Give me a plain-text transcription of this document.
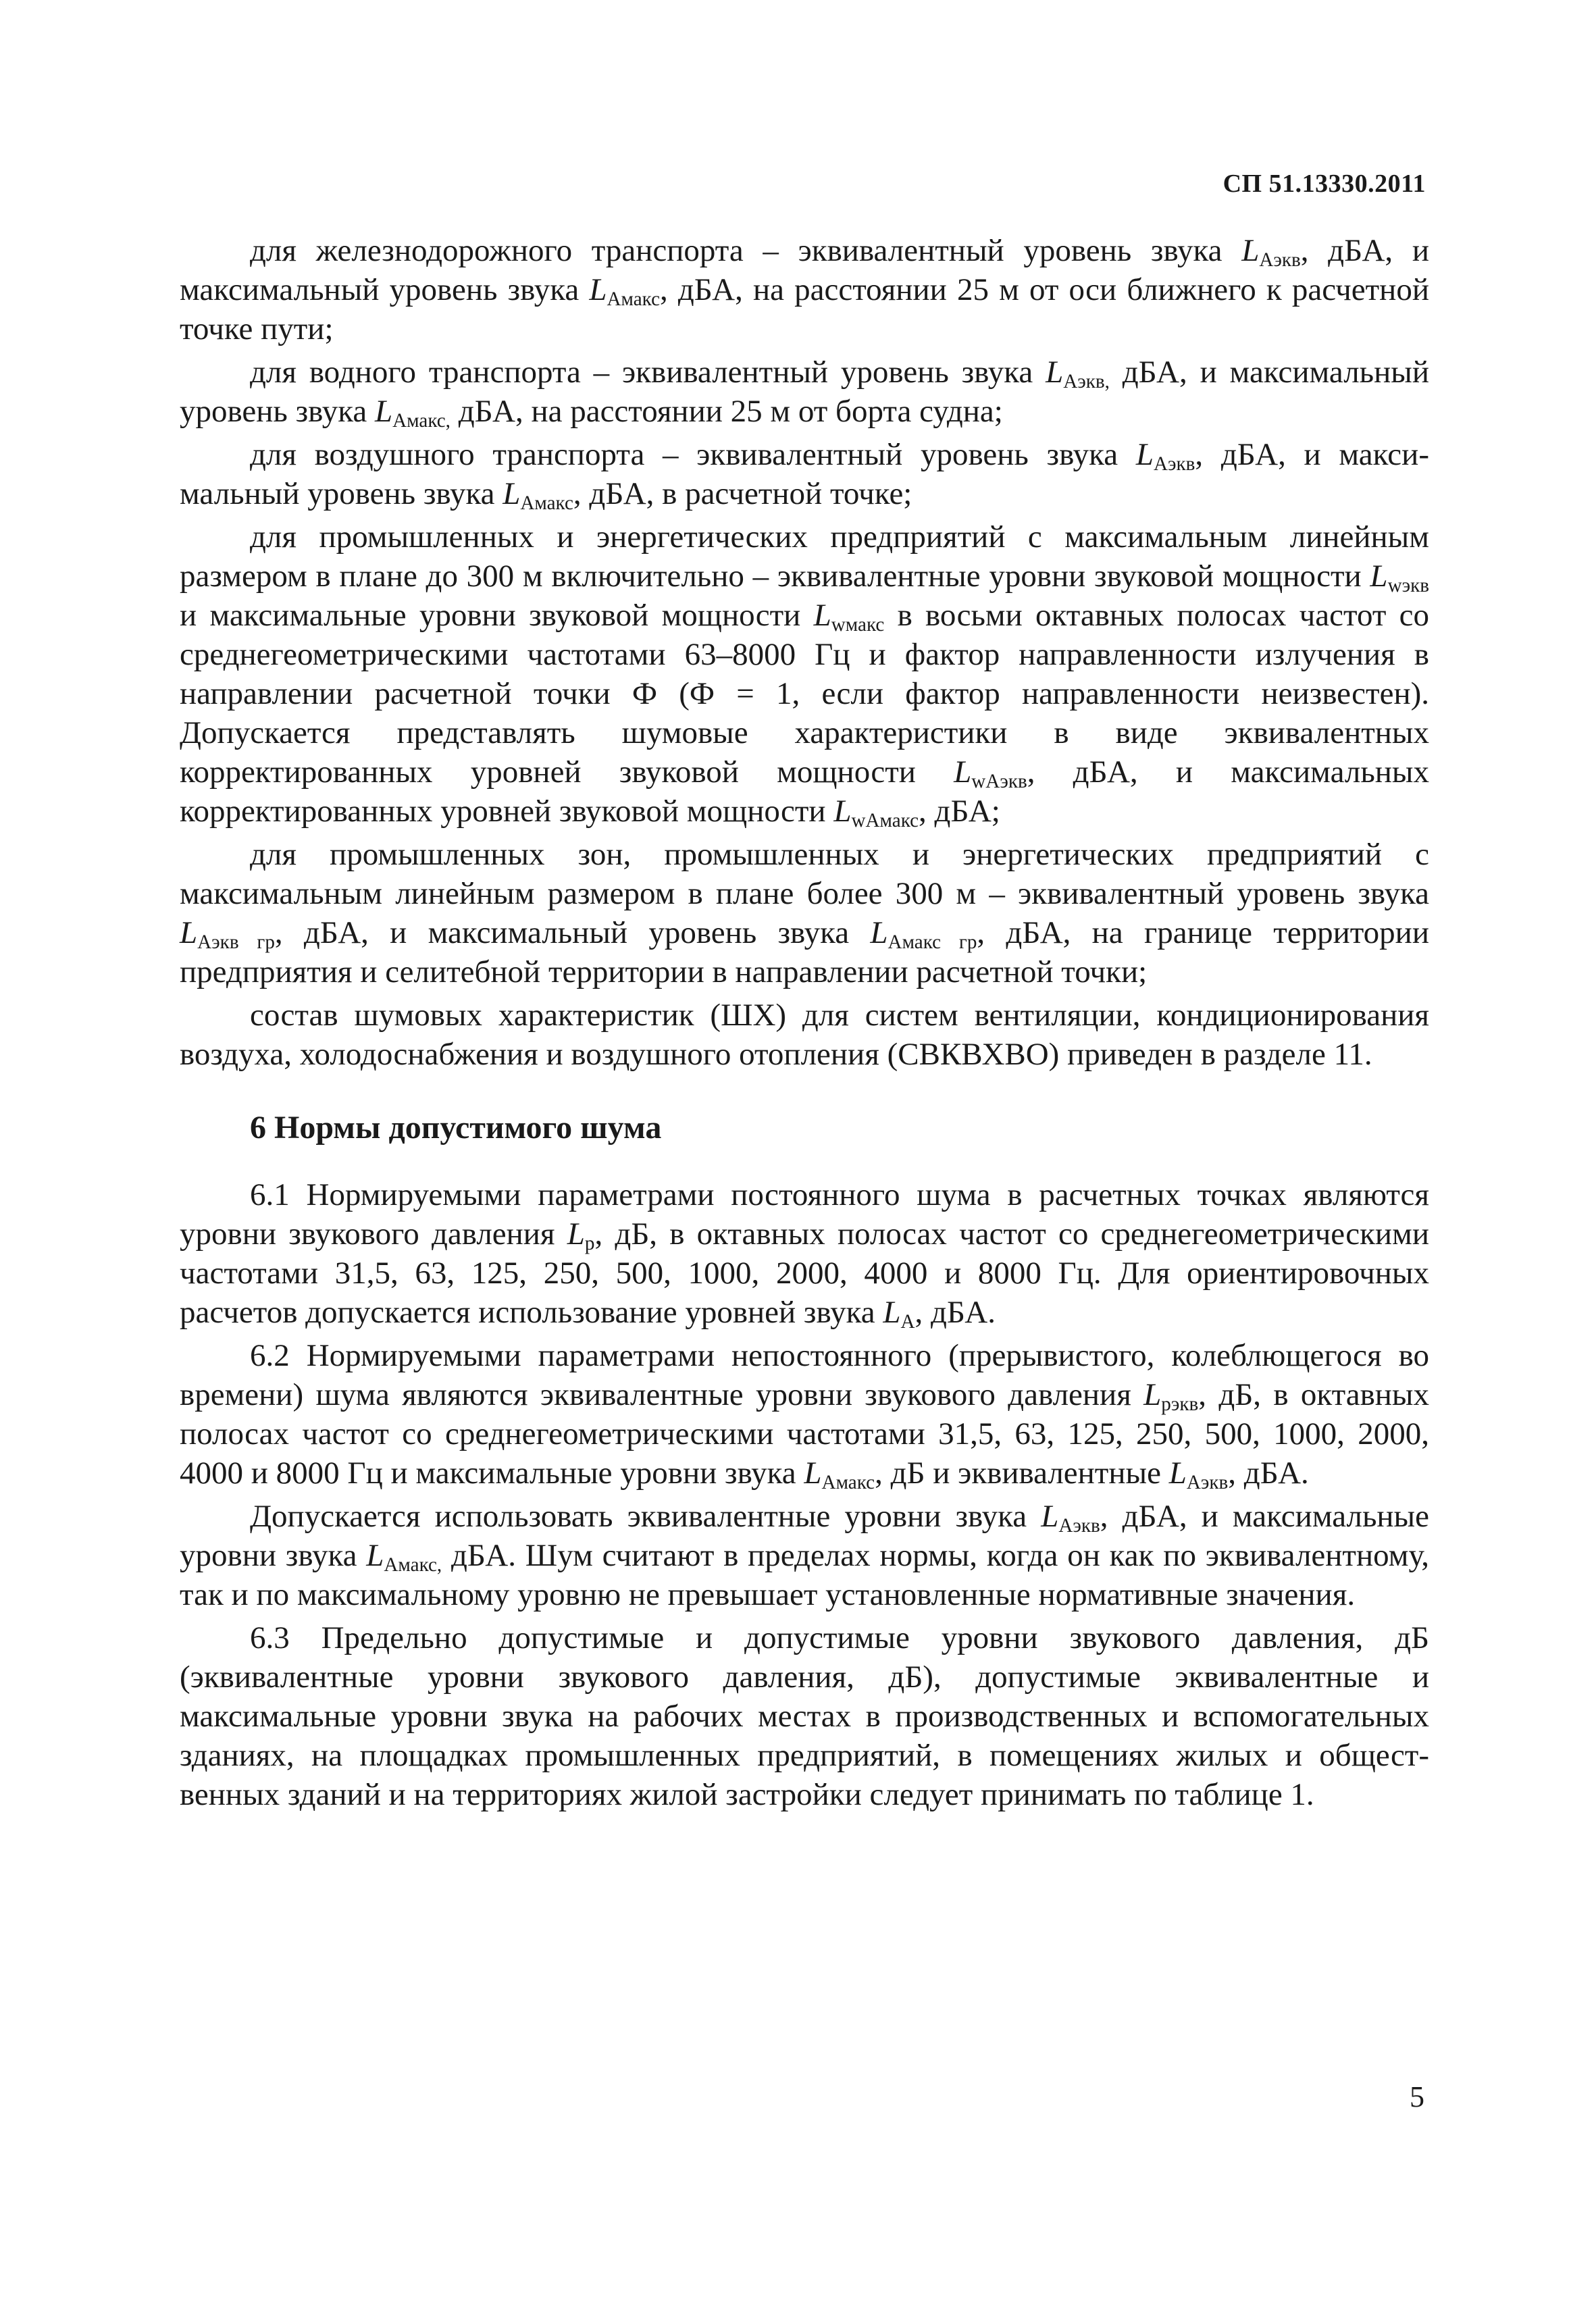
СП 51.13330.2011

для железнодорожного транспорта – эквивалентный уровень звука $L_{Аэкв}$, дБА, и максимальный уровень звука $L_{Амакс}$, дБА, на расстоянии 25 м от оси ближнего к расчетной точке пути;

для водного транспорта – эквивалентный уровень звука $L_{Аэкв,}$ дБА, и максимальный уровень звука $L_{Амакс,}$ дБА, на расстоянии 25 м от борта судна;

для воздушного транспорта – эквивалентный уровень звука $L_{Аэкв}$, дБА, и макси-мальный уровень звука $L_{Амакс}$, дБА, в расчетной точке;

для промышленных и энергетических предприятий с максимальным линейным размером в плане до 300 м включительно – эквивалентные уровни звуковой мощности $L_{wэкв}$ и максимальные уровни звуковой мощности $L_{wмакс}$ в восьми октавных полосах частот со среднегеометрическими частотами 63–8000 Гц и фактор направленности излучения в направлении расчетной точки Ф (Ф = 1, если фактор направленности неизвестен). Допускается представлять шумовые характеристики в виде эквивалентных корректированных уровней звуковой мощности $L_{wАэкв}$, дБА, и максимальных корректированных уровней звуковой мощности $L_{wАмакс}$, дБА;

для промышленных зон, промышленных и энергетических предприятий с максимальным линейным размером в плане более 300 м – эквивалентный уровень звука $L_{Аэкв гр}$, дБА, и максимальный уровень звука $L_{Амакс гр}$, дБА, на границе территории предприятия и селитебной территории в направлении расчетной точки;

состав шумовых характеристик (ШХ) для систем вентиляции, кондиционирования воздуха, холодоснабжения и воздушного отопления (СВКВХВО) приведен в разделе 11.

6 Нормы допустимого шума

6.1 Нормируемыми параметрами постоянного шума в расчетных точках являются уровни звукового давления $L_p$, дБ, в октавных полосах частот со среднегеометрическими частотами 31,5, 63, 125, 250, 500, 1000, 2000, 4000 и 8000 Гц. Для ориентировочных расчетов допускается использование уровней звука $L_А$, дБА.

6.2 Нормируемыми параметрами непостоянного (прерывистого, колеблющегося во времени) шума являются эквивалентные уровни звукового давления $L_{pэкв}$, дБ, в октавных полосах частот со среднегеометрическими частотами 31,5, 63, 125, 250, 500, 1000, 2000, 4000 и 8000 Гц и максимальные уровни звука $L_{Амакс}$, дБ и эквивалентные $L_{Аэкв}$, дБА.

Допускается использовать эквивалентные уровни звука $L_{Аэкв}$, дБА, и максимальные уровни звука $L_{Амакс,}$ дБА. Шум считают в пределах нормы, когда он как по эквивалентному, так и по максимальному уровню не превышает установленные нормативные значения.

6.3 Предельно допустимые и допустимые уровни звукового давления, дБ (эквивалентные уровни звукового давления, дБ), допустимые эквивалентные и максимальные уровни звука на рабочих местах в производственных и вспомогательных зданиях, на площадках промышленных предприятий, в помещениях жилых и общест-венных зданий и на территориях жилой застройки следует принимать по таблице 1.

5
